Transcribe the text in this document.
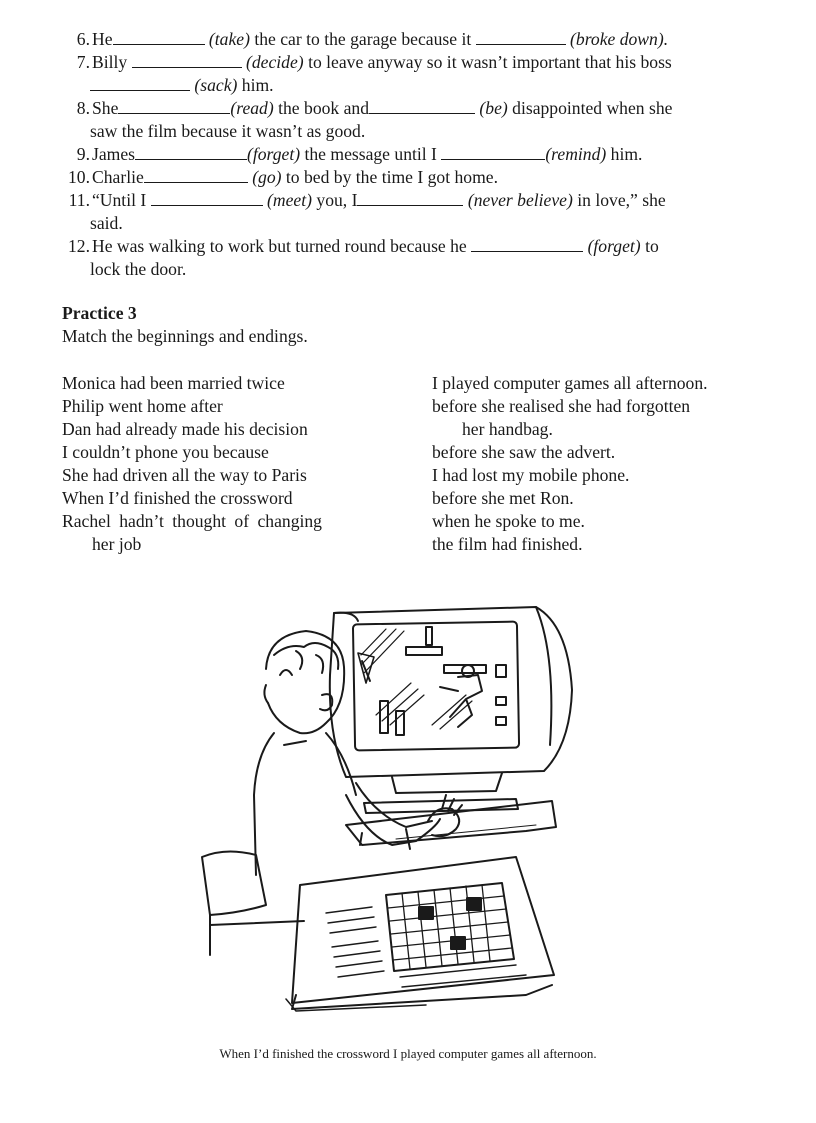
6. He	(take) the car to the garage because it	(broke down).
7. Billy	(decide) to leave anyway so it wasn’t important that his boss
(sack) him.
8. She	(read) the book and	(be) disappointed when she
saw the film because it wasn’t as good.
9. James	(forget) the message until I	(remind) him.
10. Charlie	(go) to bed by the time I got home.
11. “Until I	(meet) you, I	(never believe) in love,” she
said.
12. He was walking to work but turned round because he	(forget) to
lock the door.
Practice 3
Match the beginnings and endings.
Monica had been married twice
Philip went home after
Dan had already made his decision
I couldn’t phone you because
She had driven all the way to Paris
When I’d finished the crossword
Rachel hadn’t thought of changing
her job
I played computer games all afternoon.
before she realised she had forgotten
her handbag.
before she saw the advert.
I had lost my mobile phone.
before she met Ron.
when he spoke to me.
the film had finished.
When I’d finished the crossword I played computer games all afternoon.
